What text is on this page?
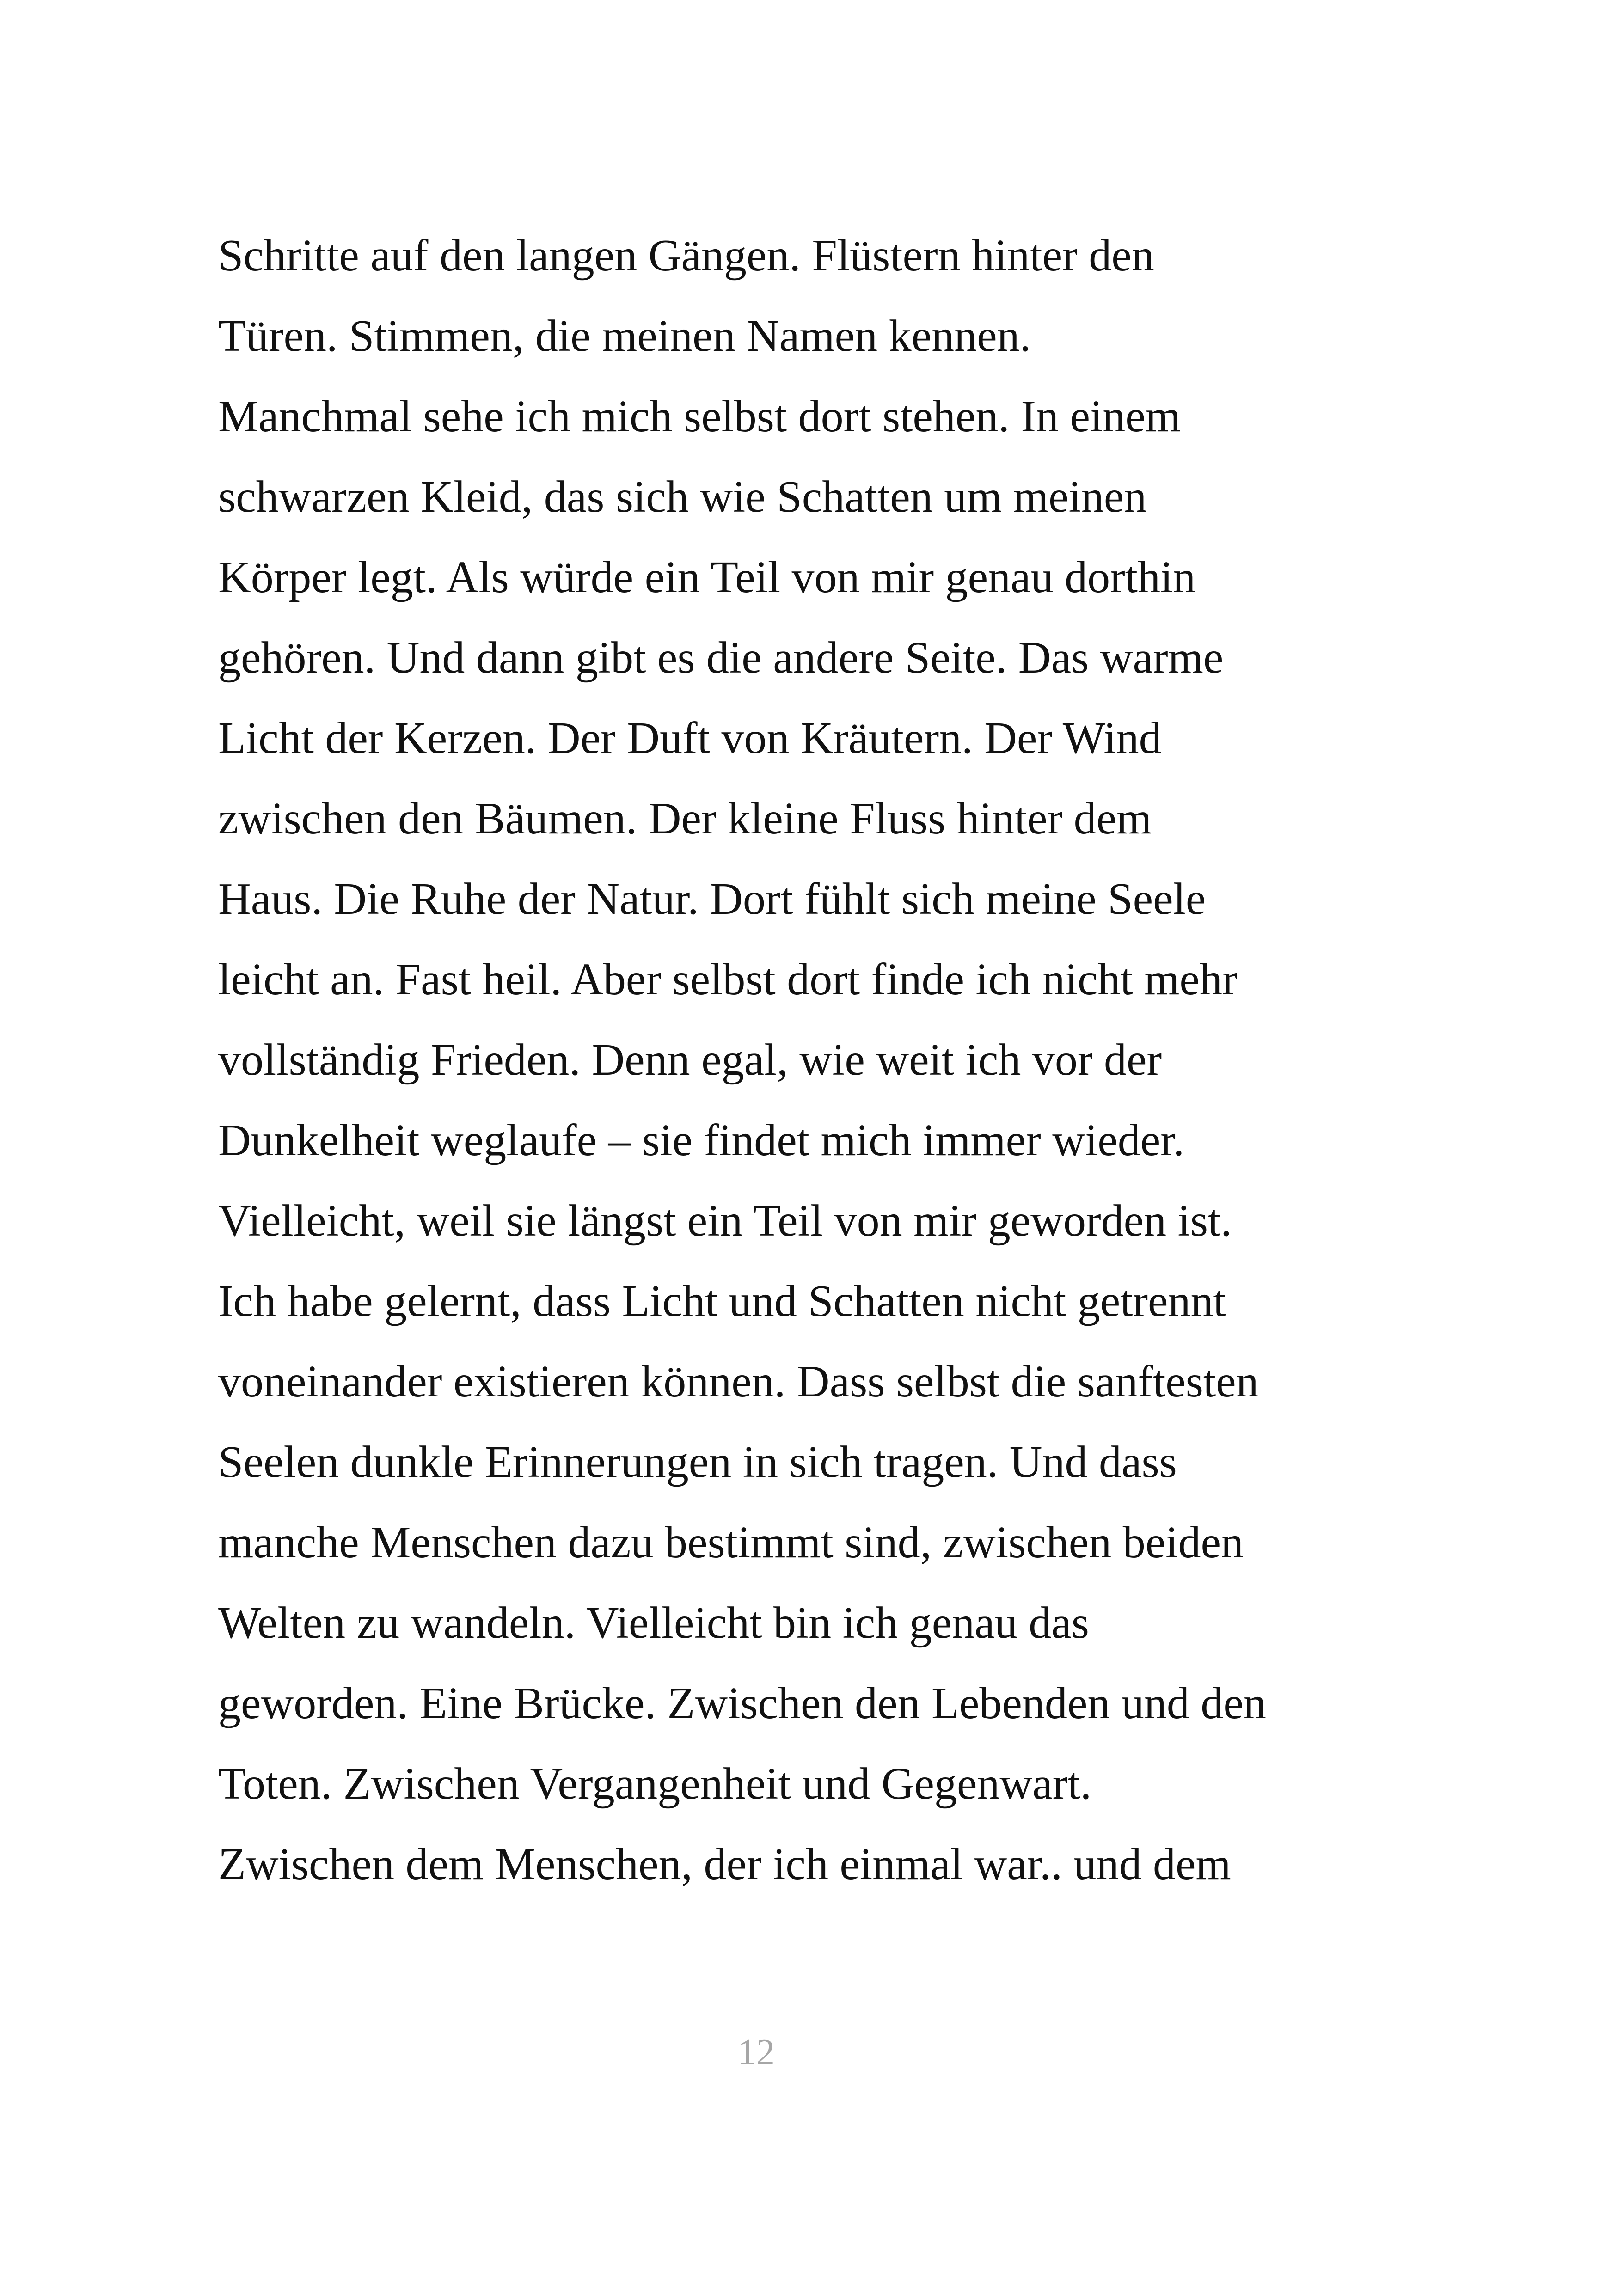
Schritte auf den langen Gängen. Flüstern hinter den
Türen. Stimmen, die meinen Namen kennen.
Manchmal sehe ich mich selbst dort stehen. In einem
schwarzen Kleid, das sich wie Schatten um meinen
Körper legt. Als würde ein Teil von mir genau dorthin
gehören. Und dann gibt es die andere Seite. Das warme
Licht der Kerzen. Der Duft von Kräutern. Der Wind
zwischen den Bäumen. Der kleine Fluss hinter dem
Haus. Die Ruhe der Natur. Dort fühlt sich meine Seele
leicht an. Fast heil. Aber selbst dort finde ich nicht mehr
vollständig Frieden. Denn egal, wie weit ich vor der
Dunkelheit weglaufe – sie findet mich immer wieder.
Vielleicht, weil sie längst ein Teil von mir geworden ist.
Ich habe gelernt, dass Licht und Schatten nicht getrennt
voneinander existieren können. Dass selbst die sanftesten
Seelen dunkle Erinnerungen in sich tragen. Und dass
manche Menschen dazu bestimmt sind, zwischen beiden
Welten zu wandeln. Vielleicht bin ich genau das
geworden. Eine Brücke. Zwischen den Lebenden und den
Toten. Zwischen Vergangenheit und Gegenwart.
Zwischen dem Menschen, der ich einmal war.. und dem
12
